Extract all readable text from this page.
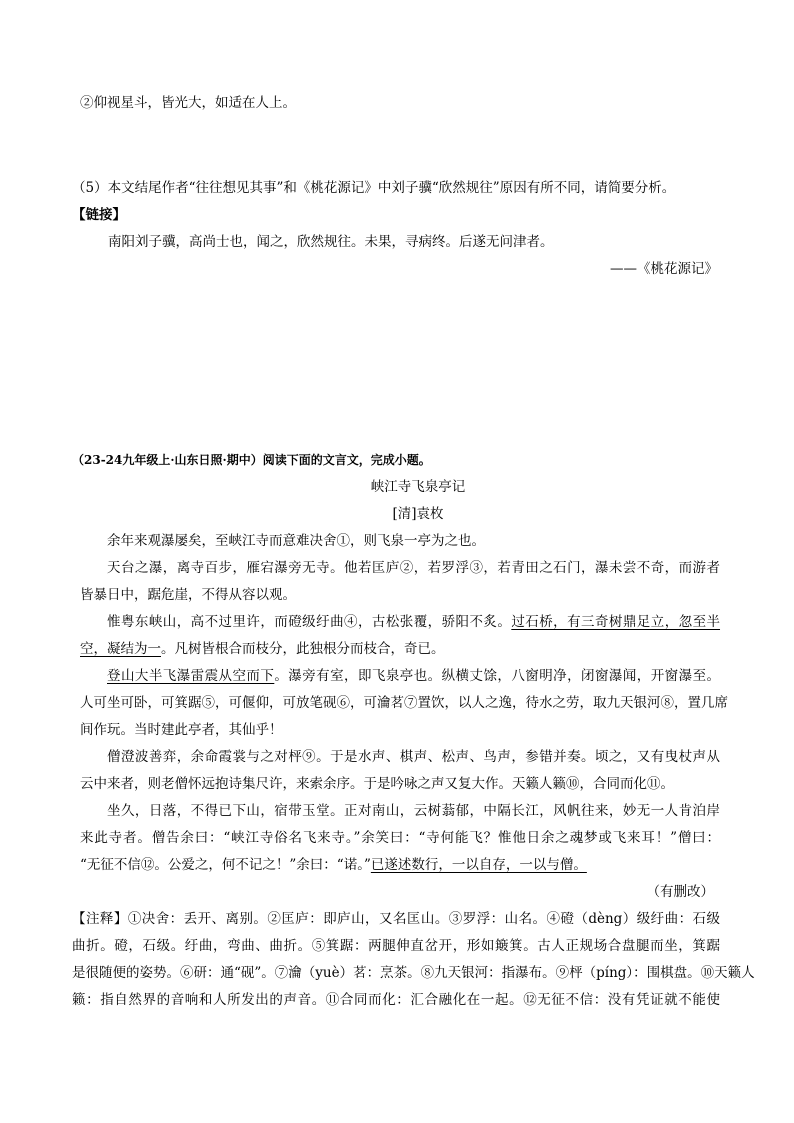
②仰视星斗，皆光大，如适在人上。
（5）本文结尾作者“往往想见其事”和《桃花源记》中刘子骥“欣然规往”原因有所不同，请简要分析。
【链接】
南阳刘子骥，高尚士也，闻之，欣然规往。未果，寻病终。后遂无问津者。
——《桃花源记》
（23-24九年级上·山东日照·期中）阅读下面的文言文，完成小题。
峡江寺飞泉亭记
[清]袁枚
余年来观瀑屡矣，至峡江寺而意难决舍①，则飞泉一亭为之也。
天台之瀑，离寺百步，雁宕瀑旁无寺。他若匡庐②，若罗浮③，若青田之石门，瀑未尝不奇，而游者
皆暴日中，踞危崖，不得从容以观。
惟粤东峡山，高不过里许，而磴级纡曲④，古松张覆，骄阳不炙。过石桥，有三奇树鼎足立，忽至半
空，凝结为一。凡树皆根合而枝分，此独根分而枝合，奇已。
登山大半飞瀑雷震从空而下。瀑旁有室，即飞泉亭也。纵横丈馀，八窗明净，闭窗瀑闻，开窗瀑至。
人可坐可卧，可箕踞⑤，可偃仰，可放笔砚⑥，可瀹茗⑦置饮，以人之逸，待水之劳，取九天银河⑧，置几席
间作玩。当时建此亭者，其仙乎！
僧澄波善弈，余命霞裳与之对枰⑨。于是水声、棋声、松声、鸟声，参错并奏。顷之，又有曳杖声从
云中来者，则老僧怀远抱诗集尺许，来索余序。于是吟咏之声又复大作。天籁人籁⑩，合同而化⑪。
坐久，日落，不得已下山，宿带玉堂。正对南山，云树蓊郁，中隔长江，风帆往来，妙无一人肯泊岸
来此寺者。僧告余曰：“峡江寺俗名飞来寺。”余笑曰：“寺何能飞？惟他日余之魂梦或飞来耳！”僧曰：
“无征不信⑫。公爱之，何不记之！”余曰：“诺。”已遂述数行，一以自存，一以与僧。
（有删改）
【注释】①决舍：丢开、离别。②匡庐：即庐山，又名匡山。③罗浮：山名。④磴（dèng）级纡曲：石级
曲折。磴，石级。纡曲，弯曲、曲折。⑤箕踞：两腿伸直岔开，形如簸箕。古人正规场合盘腿而坐，箕踞
是很随便的姿势。⑥研：通“砚”。⑦瀹（yuè）茗：烹茶。⑧九天银河：指瀑布。⑨枰（píng）：围棋盘。⑩天籁人
籁：指自然界的音响和人所发出的声音。⑪合同而化：汇合融化在一起。⑫无征不信：没有凭证就不能使
